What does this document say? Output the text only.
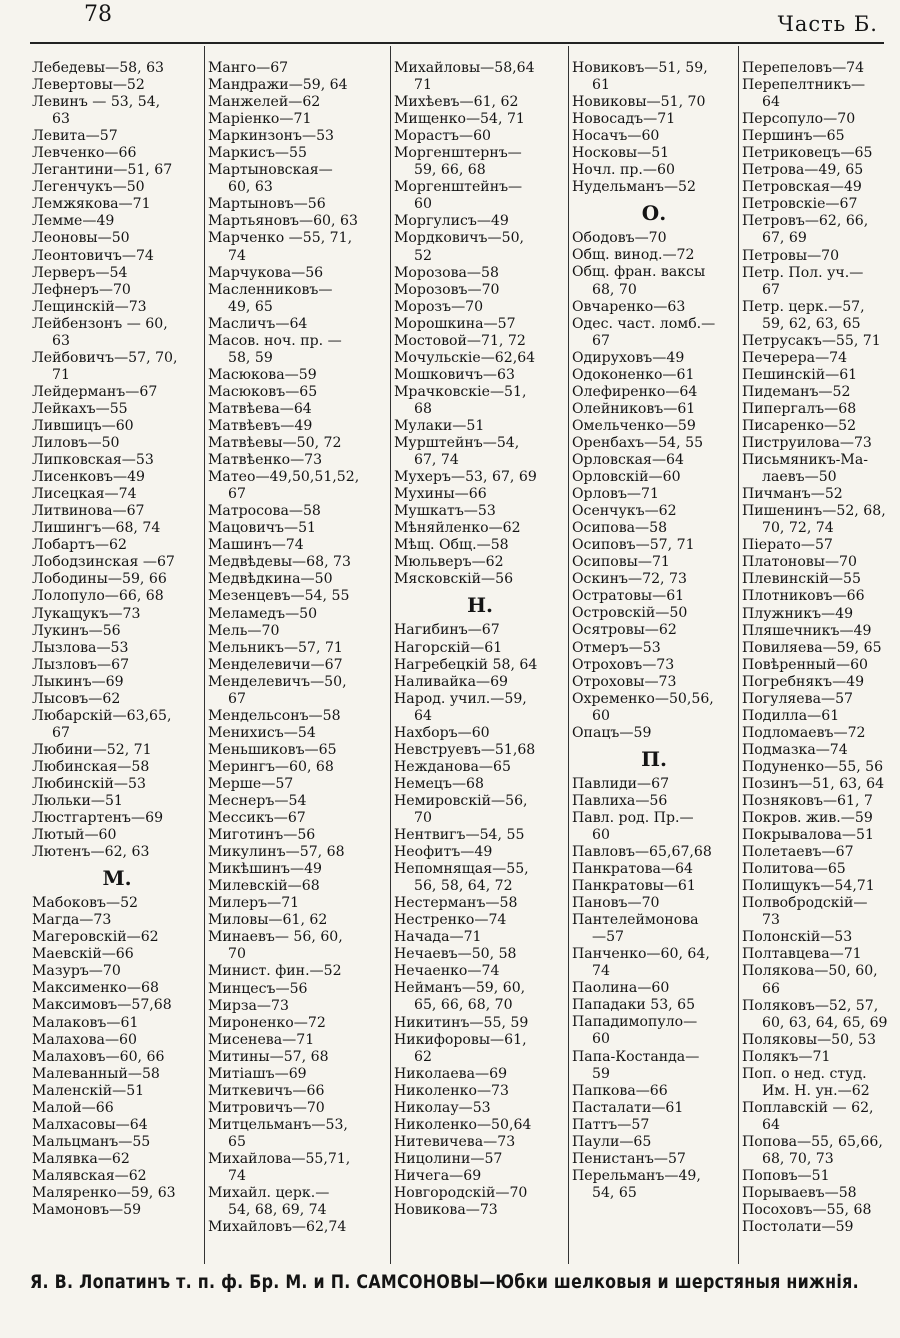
78	Часть Б.
Лебедевы—58, 63
Левертовы—52
Левинъ — 53, 54,
63
Левита—57
Левченко—66
Легантини—51, 67
Легенчукъ—50
Лемжякова—71
Лемме—49
Леоновы—50
Леонтовичъ—74
Лерверъ—54
Лефнеръ—70
Лещинскій—73
Лейбензонъ — 60,
63
Лейбовичъ—57, 70,
71
Лейдерманъ—67
Лейкахъ—55
Лившицъ—60
Лиловъ—50
Липковская—53
Лисенковъ—49
Лисецкая—74
Литвинова—67
Лишингъ—68, 74
Лобартъ—62
Лободзинская —67
Лободины—59, 66
Лолопуло—66, 68
Лукащукъ—73
Лукинъ—56
Лызлова—53
Лызловъ—67
Лыкинъ—69
Лысовъ—62
Любарскій—63,65,
67
Любини—52, 71
Любинская—58
Любинскій—53
Люльки—51
Люстгартенъ—69
Лютый—60
Лютенъ—62, 63
М.
Мабоковъ—52
Магда—73
Магеровскій—62
Маевскій—66
Мазуръ—70
Максименко—68
Максимовъ—57,68
Малаковъ—61
Малахова—60
Малаховъ—60, 66
Малеванный—58
Маленскій—51
Малой—66
Малхасовы—64
Мальцманъ—55
Малявка—62
Малявская—62
Маляренко—59, 63
Мамоновъ—59
Манго—67
Мандражи—59, 64
Манжелей—62
Маріенко—71
Маркинзонъ—53
Маркисъ—55
Мартыновская—
60, 63
Мартыновъ—56
Мартьяновъ—60, 63
Марченко —55, 71,
74
Марчукова—56
Масленниковъ—
49, 65
Масличъ—64
Масов. ноч. пр. —
58, 59
Масюкова—59
Масюковъ—65
Матвѣева—64
Матвѣевъ—49
Матвѣевы—50, 72
Матвѣенко—73
Матео—49,50,51,52,
67
Матросова—58
Мацовичъ—51
Машинъ—74
Медвѣдевы—68, 73
Медвѣдкина—50
Мезенцевъ—54, 55
Меламедъ—50
Мель—70
Мельникъ—57, 71
Менделевичи—67
Менделевичъ—50,
67
Мендельсонъ—58
Менихисъ—54
Меньшиковъ—65
Мерингъ—60, 68
Мерше—57
Меснеръ—54
Мессикъ—67
Миготинъ—56
Микулинъ—57, 68
Микѣшинъ—49
Милевскій—68
Милеръ—71
Миловы—61, 62
Минаевъ— 56, 60,
70
Минист. фин.—52
Минцесъ—56
Мирза—73
Мироненко—72
Мисенева—71
Митины—57, 68
Митіашъ—69
Миткевичъ—66
Митровичъ—70
Митцельманъ—53,
65
Михайлова—55,71,
74
Михайл. церк.—
54, 68, 69, 74
Михайловъ—62,74
Михайловы—58,64
71
Михѣевъ—61, 62
Мищенко—54, 71
Морастъ—60
Моргенштернъ—
59, 66, 68
Моргенштейнъ—
60
Моргулисъ—49
Мордковичъ—50,
52
Морозова—58
Морозовъ—70
Морозъ—70
Морошкина—57
Мостовой—71, 72
Мочульскіе—62,64
Мошковичъ—63
Мрачковскіе—51,
68
Мулаки—51
Мурштейнъ—54,
67, 74
Мухеръ—53, 67, 69
Мухины—66
Мушкатъ—53
Мѣняйленко—62
Мѣщ. Общ.—58
Мюльверъ—62
Мясковскій—56
Н.
Нагибинъ—67
Нагорскій—61
Нагребецкій 58, 64
Наливайка—69
Народ. учил.—59,
64
Нахборъ—60
Невструевъ—51,68
Нежданова—65
Немецъ—68
Немировскій—56,
70
Нентвигъ—54, 55
Неофитъ—49
Непомнящая—55,
56, 58, 64, 72
Нестерманъ—58
Нестренко—74
Начада—71
Нечаевъ—50, 58
Нечаенко—74
Нейманъ—59, 60,
65, 66, 68, 70
Никитинъ—55, 59
Никифоровы—61,
62
Николаева—69
Николенко—73
Николау—53
Николенко—50,64
Нитевичева—73
Ницолини—57
Ничега—69
Новгородскій—70
Новикова—73
Новиковъ—51, 59,
61
Новиковы—51, 70
Новосадъ—71
Носачъ—60
Носковы—51
Ночл. пр.—60
Нудельманъ—52
О.
Ободовъ—70
Общ. винод.—72
Общ. фран. ваксы
68, 70
Овчаренко—63
Одес. част. ломб.—
67
Одируховъ—49
Одоконенко—61
Олефиренко—64
Олейниковъ—61
Омельченко—59
Оренбахъ—54, 55
Орловская—64
Орловскій—60
Орловъ—71
Осенчукъ—62
Осипова—58
Осиповъ—57, 71
Осиповы—71
Оскинъ—72, 73
Остратовы—61
Островскій—50
Осятровы—62
Отмеръ—53
Отроховъ—73
Отроховы—73
Охременко—50,56,
60
Опацъ—59
П.
Павлиди—67
Павлиха—56
Павл. род. Пр.—
60
Павловъ—65,67,68
Панкратова—64
Панкратовы—61
Пановъ—70
Пантелеймонова
—57
Панченко—60, 64,
74
Паолина—60
Пападаки 53, 65
Пападимопуло—
60
Папа-Костанда—
59
Папкова—66
Пасталати—61
Паттъ—57
Паули—65
Пенистанъ—57
Перельманъ—49,
54, 65
Перепеловъ—74
Перепелтникъ—
64
Персопуло—70
Першинъ—65
Петриковецъ—65
Петрова—49, 65
Петровская—49
Петровскіе—67
Петровъ—62, 66,
67, 69
Петровы—70
Петр. Пол. уч.—
67
Петр. церк.—57,
59, 62, 63, 65
Петрусакъ—55, 71
Печерера—74
Пешинскій—61
Пидеманъ—52
Пипергалъ—68
Писаренко—52
Пиструилова—73
Письмяникъ-Ма-
лаевъ—50
Пичманъ—52
Пишенинъ—52, 68,
70, 72, 74
Піерато—57
Платоновы—70
Плевинскій—55
Плотниковъ—66
Плужникъ—49
Пляшечникъ—49
Повиляева—59, 65
Повѣренный—60
Погребнякъ—49
Погуляева—57
Подилла—61
Подломаевъ—72
Подмазка—74
Подуненко—55, 56
Позинъ—51, 63, 64
Позняковъ—61, 7
Покров. жив.—59
Покрывалова—51
Полетаевъ—67
Политова—65
Полищукъ—54,71
Полвобродскій—
73
Полонскій—53
Полтавцева—71
Полякова—50, 60,
66
Поляковъ—52, 57,
60, 63, 64, 65, 69
Поляковы—50, 53
Полякъ—71
Поп. о нед. студ.
Им. Н. ун.—62
Поплавскій — 62,
64
Попова—55, 65,66,
68, 70, 73
Поповъ—51
Порываевъ—58
Посоховъ—55, 68
Постолати—59
Я. В. Лопатинъ т. п. ф. Бр. М. и П. САМСОНОВЫ—Юбки шелковыя и шерстяныя нижнія.
